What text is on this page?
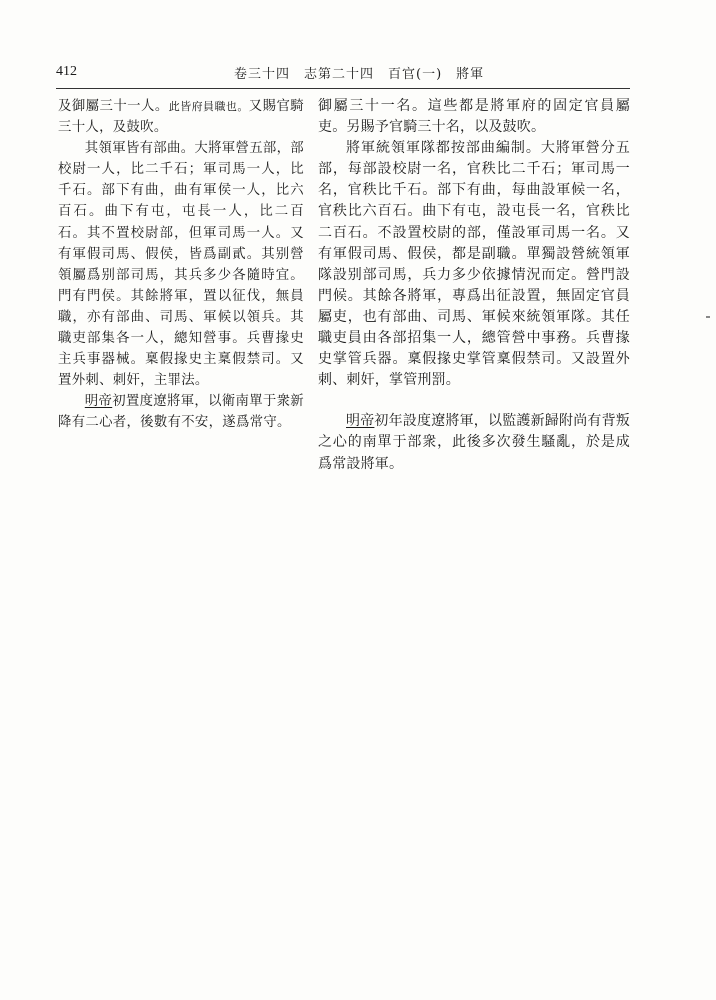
412	卷三十四　志第二十四　百官(一)　將軍

及御屬三十一人。此皆府員職也。又賜官騎三十人，及鼓吹。

其領軍皆有部曲。大將軍營五部，部校尉一人，比二千石；軍司馬一人，比千石。部下有曲，曲有軍侯一人，比六百石。曲下有屯，屯長一人，比二百石。其不置校尉部，但軍司馬一人。又有軍假司馬、假侯，皆爲副貳。其别營領屬爲别部司馬，其兵多少各隨時宜。門有門侯。其餘將軍，置以征伐，無員職，亦有部曲、司馬、軍候以領兵。其職吏部集各一人，總知營事。兵曹掾史主兵事器械。稟假掾史主稟假禁司。又置外刺、刺奸，主罪法。

明帝初置度遼將軍，以衛南單于衆新降有二心者，後數有不安，遂爲常守。

御屬三十一名。這些都是將軍府的固定官員屬吏。另賜予官騎三十名，以及鼓吹。

將軍統領軍隊都按部曲編制。大將軍營分五部，每部設校尉一名，官秩比二千石；軍司馬一名，官秩比千石。部下有曲，每曲設軍候一名，官秩比六百石。曲下有屯，設屯長一名，官秩比二百石。不設置校尉的部，僅設軍司馬一名。又有軍假司馬、假侯，都是副職。單獨設營統領軍隊設别部司馬，兵力多少依據情況而定。營門設門候。其餘各將軍，專爲出征設置，無固定官員屬吏，也有部曲、司馬、軍候來統領軍隊。其任職吏員由各部招集一人，總管營中事務。兵曹掾史掌管兵器。稟假掾史掌管稟假禁司。又設置外刺、刺奸，掌管刑罰。

明帝初年設度遼將軍，以監護新歸附尚有背叛之心的南單于部衆，此後多次發生騷亂，於是成爲常設將軍。
